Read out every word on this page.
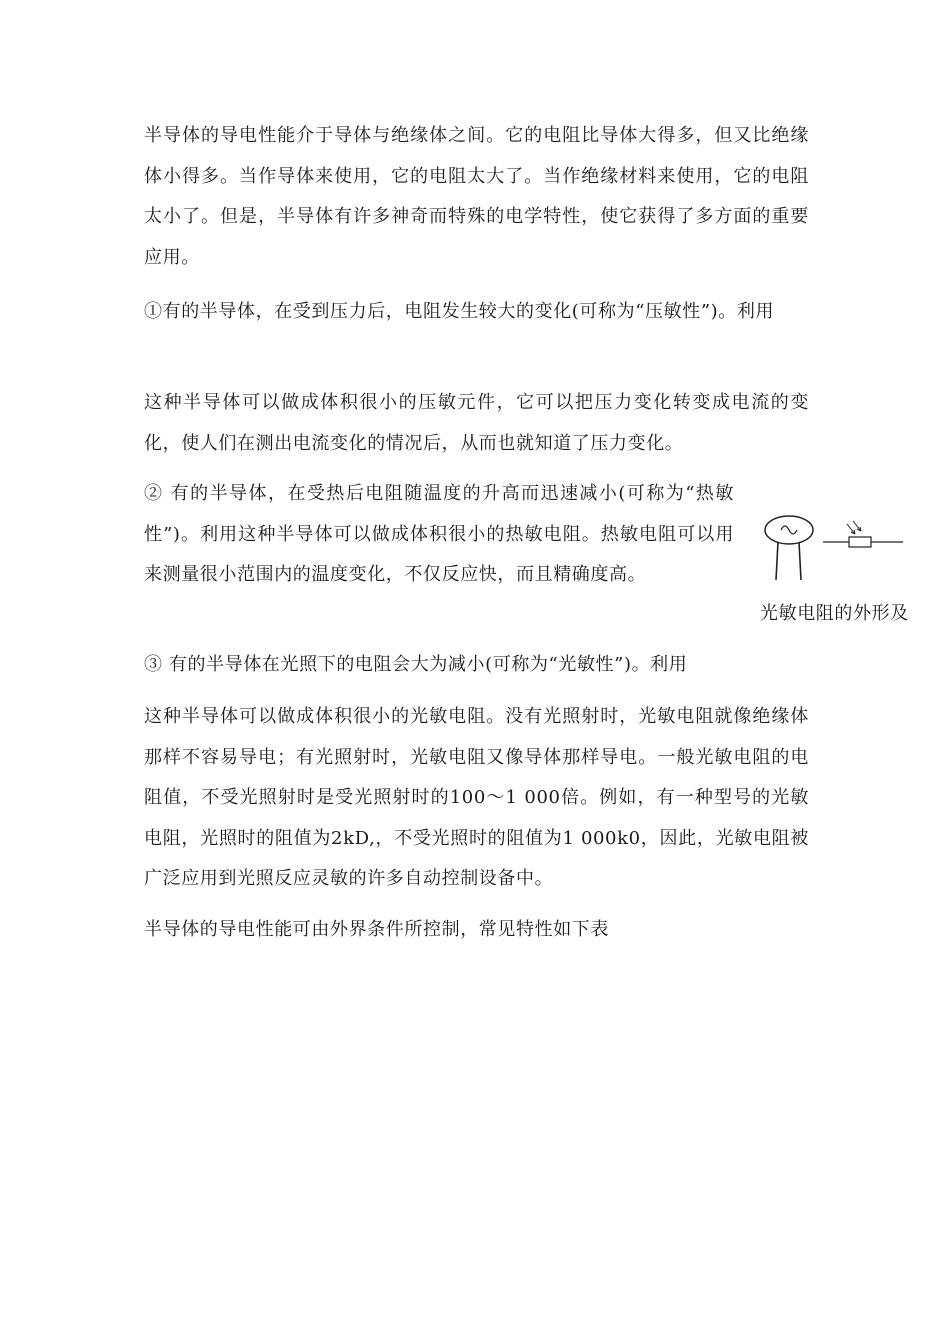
半导体的导电性能介于导体与绝缘体之间。它的电阻比导体大得多，但又比绝缘体小得多。当作导体来使用，它的电阻太大了。当作绝缘材料来使用，它的电阻太小了。但是，半导体有许多神奇而特殊的电学特性，使它获得了多方面的重要应用。

①有的半导体，在受到压力后，电阻发生较大的变化(可称为“压敏性”)。利用

这种半导体可以做成体积很小的压敏元件，它可以把压力变化转变成电流的变化，使人们在测出电流变化的情况后，从而也就知道了压力变化。

② 有的半导体，在受热后电阻随温度的升高而迅速减小(可称为“热敏性”)。利用这种半导体可以做成体积很小的热敏电阻。热敏电阻可以用来测量很小范围内的温度变化，不仅反应快，而且精确度高。

光敏电阻的外形及

③ 有的半导体在光照下的电阻会大为减小(可称为“光敏性”)。利用

这种半导体可以做成体积很小的光敏电阻。没有光照射时，光敏电阻就像绝缘体那样不容易导电；有光照射时，光敏电阻又像导体那样导电。一般光敏电阻的电阻值，不受光照射时是受光照射时的100～1 000倍。例如，有一种型号的光敏电阻，光照时的阻值为2kD,，不受光照时的阻值为1 000k0，因此，光敏电阻被广泛应用到光照反应灵敏的许多自动控制设备中。

半导体的导电性能可由外界条件所控制，常见特性如下表
